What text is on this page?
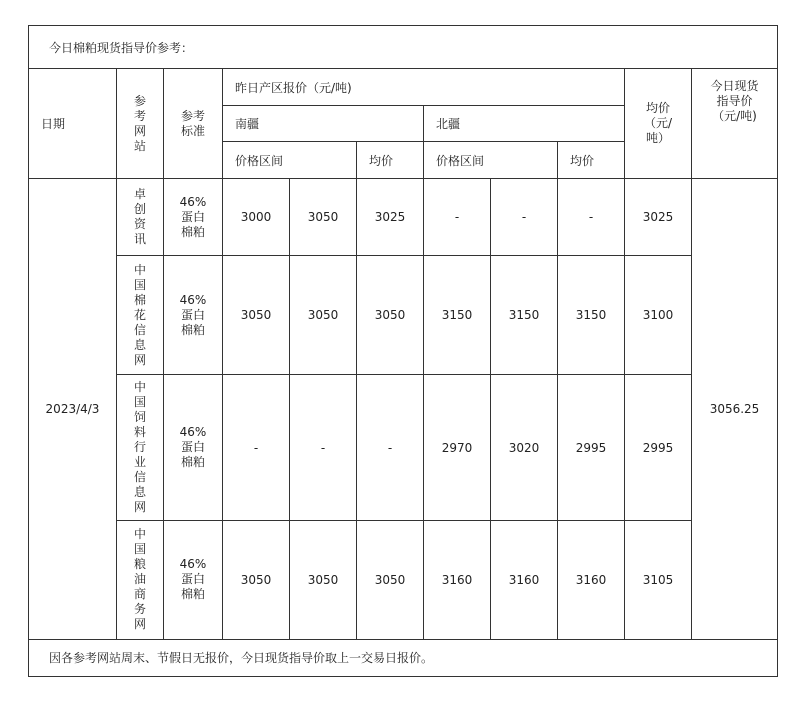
今日棉粕现货指导价参考：										
日期	参考网站	参考标准	昨日产区报价（元/吨)						均价（元/吨）	今日现货指导价（元/吨)
			南疆			北疆				
			价格区间		均价	价格区间		均价		
2023/4/3	卓创资讯	46%蛋白棉粕	3000	3050	3025	-	-	-	3025	3056.25
	中国棉花信息网	46%蛋白棉粕	3050	3050	3050	3150	3150	3150	3100	
	中国饲料行业信息网	46%蛋白棉粕	-	-	-	2970	3020	2995	2995	
	中国粮油商务网	46%蛋白棉粕	3050	3050	3050	3160	3160	3160	3105	
因各参考网站周末、节假日无报价，今日现货指导价取上一交易日报价。										
